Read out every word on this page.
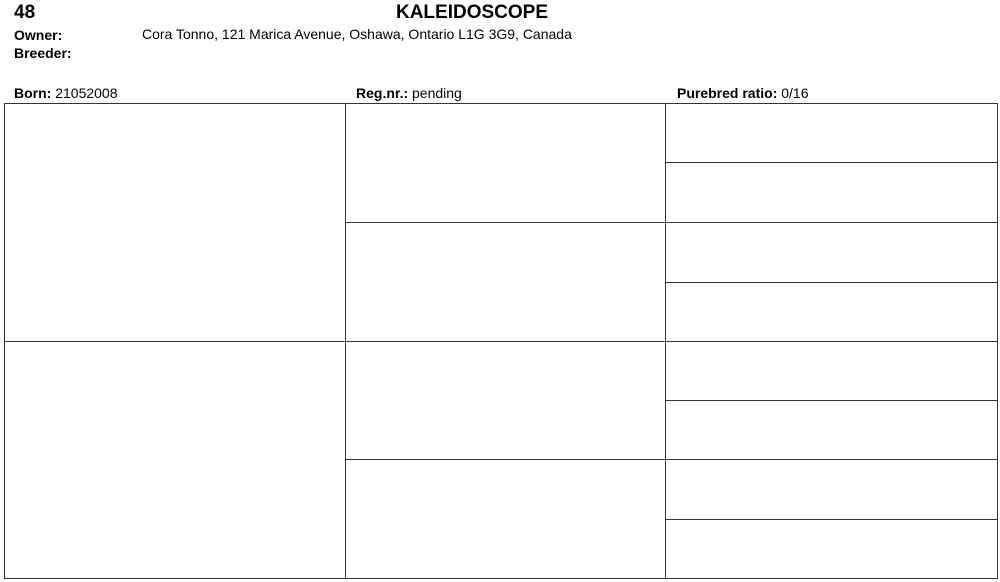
48	KALEIDOSCOPE
Owner:	Cora Tonno, 121 Marica Avenue, Oshawa, Ontario L1G 3G9, Canada
Breeder:
Born: 21052008	Reg.nr.: pending	Purebred ratio: 0/16
